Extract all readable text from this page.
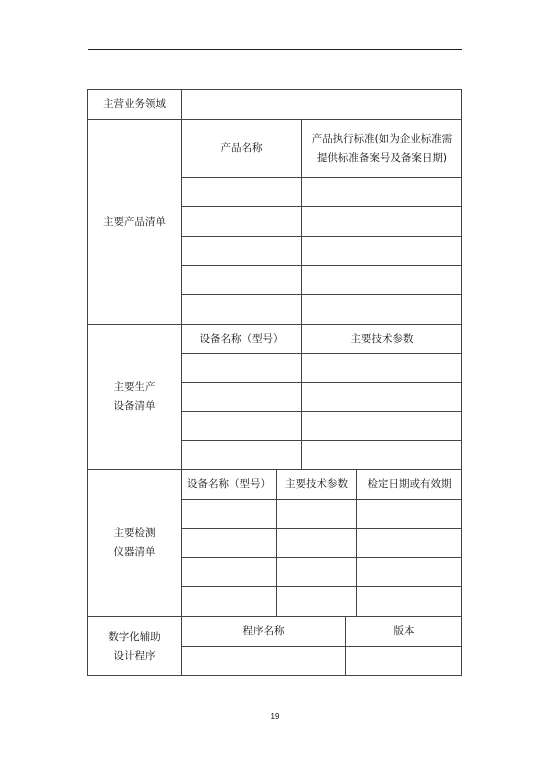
主营业务领域
主要产品清单
产品名称
产品执行标准(如为企业标准需
提供标准备案号及备案日期)
主要生产
设备清单
设备名称（型号）	主要技术参数
主要检测
仪器清单
设备名称（型号） 主要技术参数 检定日期或有效期
数字化辅助
设计程序
程序名称	版本
19
